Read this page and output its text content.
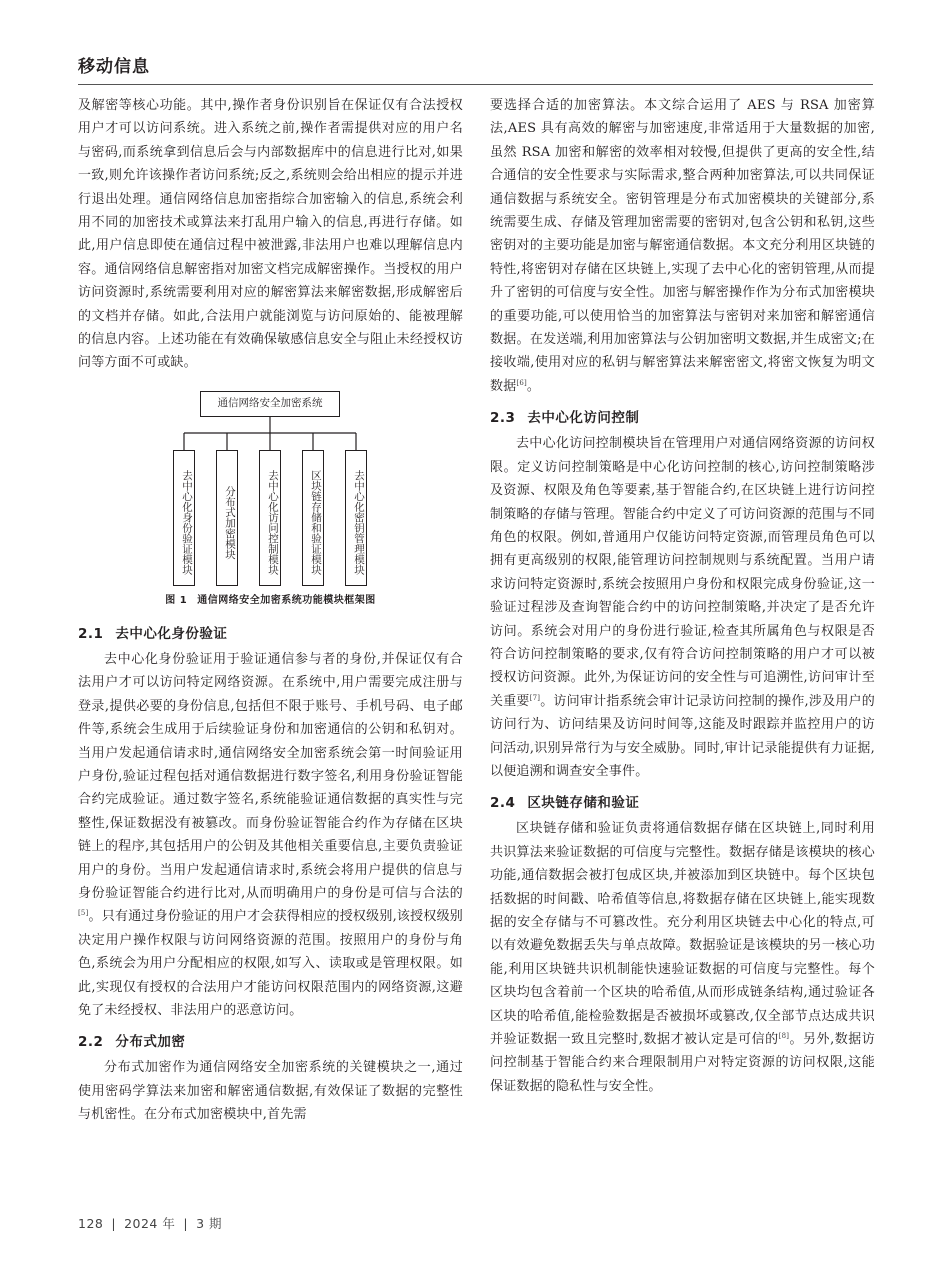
移动信息

及解密等核心功能。其中,操作者身份识别旨在保证仅有合法授权用户才可以访问系统。进入系统之前,操作者需提供对应的用户名与密码,而系统拿到信息后会与内部数据库中的信息进行比对,如果一致,则允许该操作者访问系统;反之,系统则会给出相应的提示并进行退出处理。通信网络信息加密指综合加密输入的信息,系统会利用不同的加密技术或算法来打乱用户输入的信息,再进行存储。如此,用户信息即使在通信过程中被泄露,非法用户也难以理解信息内容。通信网络信息解密指对加密文档完成解密操作。当授权的用户访问资源时,系统需要利用对应的解密算法来解密数据,形成解密后的文档并存储。如此,合法用户就能浏览与访问原始的、能被理解的信息内容。上述功能在有效确保敏感信息安全与阻止未经授权访问等方面不可或缺。

通信网络安全加密系统
去中心化身份验证模块	分布式加密模块	去中心化访问控制模块	区块链存储和验证模块	去中心化密钥管理模块
图 1 通信网络安全加密系统功能模块框架图
2.1 去中心化身份验证

去中心化身份验证用于验证通信参与者的身份,并保证仅有合法用户才可以访问特定网络资源。在系统中,用户需要完成注册与登录,提供必要的身份信息,包括但不限于账号、手机号码、电子邮件等,系统会生成用于后续验证身份和加密通信的公钥和私钥对。当用户发起通信请求时,通信网络安全加密系统会第一时间验证用户身份,验证过程包括对通信数据进行数字签名,利用身份验证智能合约完成验证。通过数字签名,系统能验证通信数据的真实性与完整性,保证数据没有被篡改。而身份验证智能合约作为存储在区块链上的程序,其包括用户的公钥及其他相关重要信息,主要负责验证用户的身份。当用户发起通信请求时,系统会将用户提供的信息与身份验证智能合约进行比对,从而明确用户的身份是可信与合法的[5]。只有通过身份验证的用户才会获得相应的授权级别,该授权级别决定用户操作权限与访问网络资源的范围。按照用户的身份与角色,系统会为用户分配相应的权限,如写入、读取或是管理权限。如此,实现仅有授权的合法用户才能访问权限范围内的网络资源,这避免了未经授权、非法用户的恶意访问。

2.2 分布式加密

分布式加密作为通信网络安全加密系统的关键模块之一,通过使用密码学算法来加密和解密通信数据,有效保证了数据的完整性与机密性。在分布式加密模块中,首先需

要选择合适的加密算法。本文综合运用了 AES 与 RSA 加密算法,AES 具有高效的解密与加密速度,非常适用于大量数据的加密,虽然 RSA 加密和解密的效率相对较慢,但提供了更高的安全性,结合通信的安全性要求与实际需求,整合两种加密算法,可以共同保证通信数据与系统安全。密钥管理是分布式加密模块的关键部分,系统需要生成、存储及管理加密需要的密钥对,包含公钥和私钥,这些密钥对的主要功能是加密与解密通信数据。本文充分利用区块链的特性,将密钥对存储在区块链上,实现了去中心化的密钥管理,从而提升了密钥的可信度与安全性。加密与解密操作作为分布式加密模块的重要功能,可以使用恰当的加密算法与密钥对来加密和解密通信数据。在发送端,利用加密算法与公钥加密明文数据,并生成密文;在接收端,使用对应的私钥与解密算法来解密密文,将密文恢复为明文数据[6]。

2.3 去中心化访问控制

去中心化访问控制模块旨在管理用户对通信网络资源的访问权限。定义访问控制策略是中心化访问控制的核心,访问控制策略涉及资源、权限及角色等要素,基于智能合约,在区块链上进行访问控制策略的存储与管理。智能合约中定义了可访问资源的范围与不同角色的权限。例如,普通用户仅能访问特定资源,而管理员角色可以拥有更高级别的权限,能管理访问控制规则与系统配置。当用户请求访问特定资源时,系统会按照用户身份和权限完成身份验证,这一验证过程涉及查询智能合约中的访问控制策略,并决定了是否允许访问。系统会对用户的身份进行验证,检查其所属角色与权限是否符合访问控制策略的要求,仅有符合访问控制策略的用户才可以被授权访问资源。此外,为保证访问的安全性与可追溯性,访问审计至关重要[7]。访问审计指系统会审计记录访问控制的操作,涉及用户的访问行为、访问结果及访问时间等,这能及时跟踪并监控用户的访问活动,识别异常行为与安全威胁。同时,审计记录能提供有力证据,以便追溯和调查安全事件。

2.4 区块链存储和验证

区块链存储和验证负责将通信数据存储在区块链上,同时利用共识算法来验证数据的可信度与完整性。数据存储是该模块的核心功能,通信数据会被打包成区块,并被添加到区块链中。每个区块包括数据的时间戳、哈希值等信息,将数据存储在区块链上,能实现数据的安全存储与不可篡改性。充分利用区块链去中心化的特点,可以有效避免数据丢失与单点故障。数据验证是该模块的另一核心功能,利用区块链共识机制能快速验证数据的可信度与完整性。每个区块均包含着前一个区块的哈希值,从而形成链条结构,通过验证各区块的哈希值,能检验数据是否被损坏或篡改,仅全部节点达成共识并验证数据一致且完整时,数据才被认定是可信的[8]。另外,数据访问控制基于智能合约来合理限制用户对特定资源的访问权限,这能保证数据的隐私性与安全性。

128 | 2024 年 | 3 期
